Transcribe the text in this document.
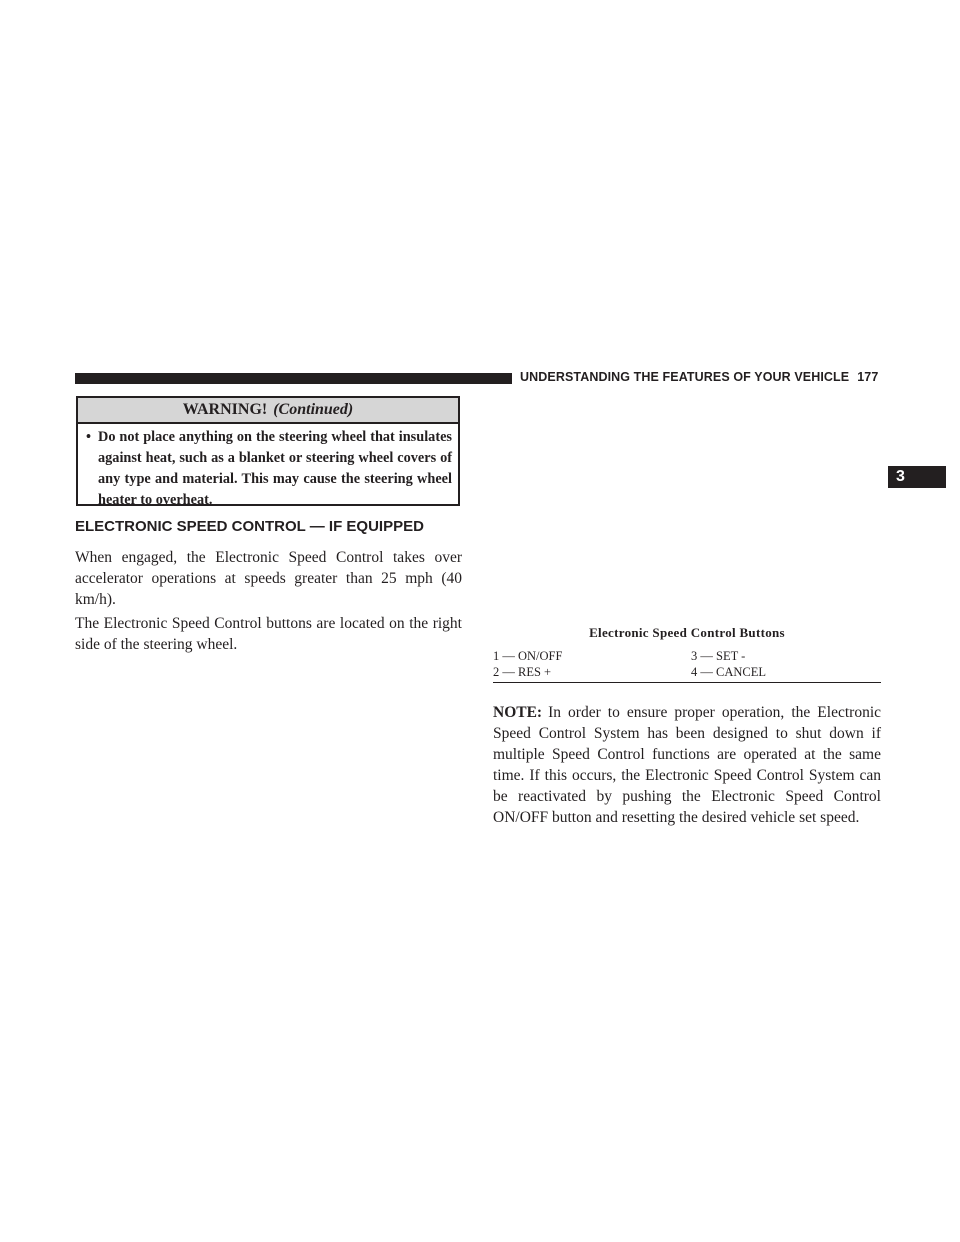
UNDERSTANDING THE FEATURES OF YOUR VEHICLE 177
3
WARNING! (Continued)
• Do not place anything on the steering wheel that insulates against heat, such as a blanket or steering wheel covers of any type and material. This may cause the steering wheel heater to overheat.
ELECTRONIC SPEED CONTROL — IF EQUIPPED

When engaged, the Electronic Speed Control takes over accelerator operations at speeds greater than 25 mph (40 km/h).

The Electronic Speed Control buttons are located on the right side of the steering wheel.

Electronic Speed Control Buttons
1 — ON/OFF
2 — RES +
3 — SET -
4 — CANCEL

NOTE: In order to ensure proper operation, the Electronic Speed Control System has been designed to shut down if multiple Speed Control functions are operated at the same time. If this occurs, the Electronic Speed Control System can be reactivated by pushing the Electronic Speed Control ON/OFF button and resetting the desired vehicle set speed.
